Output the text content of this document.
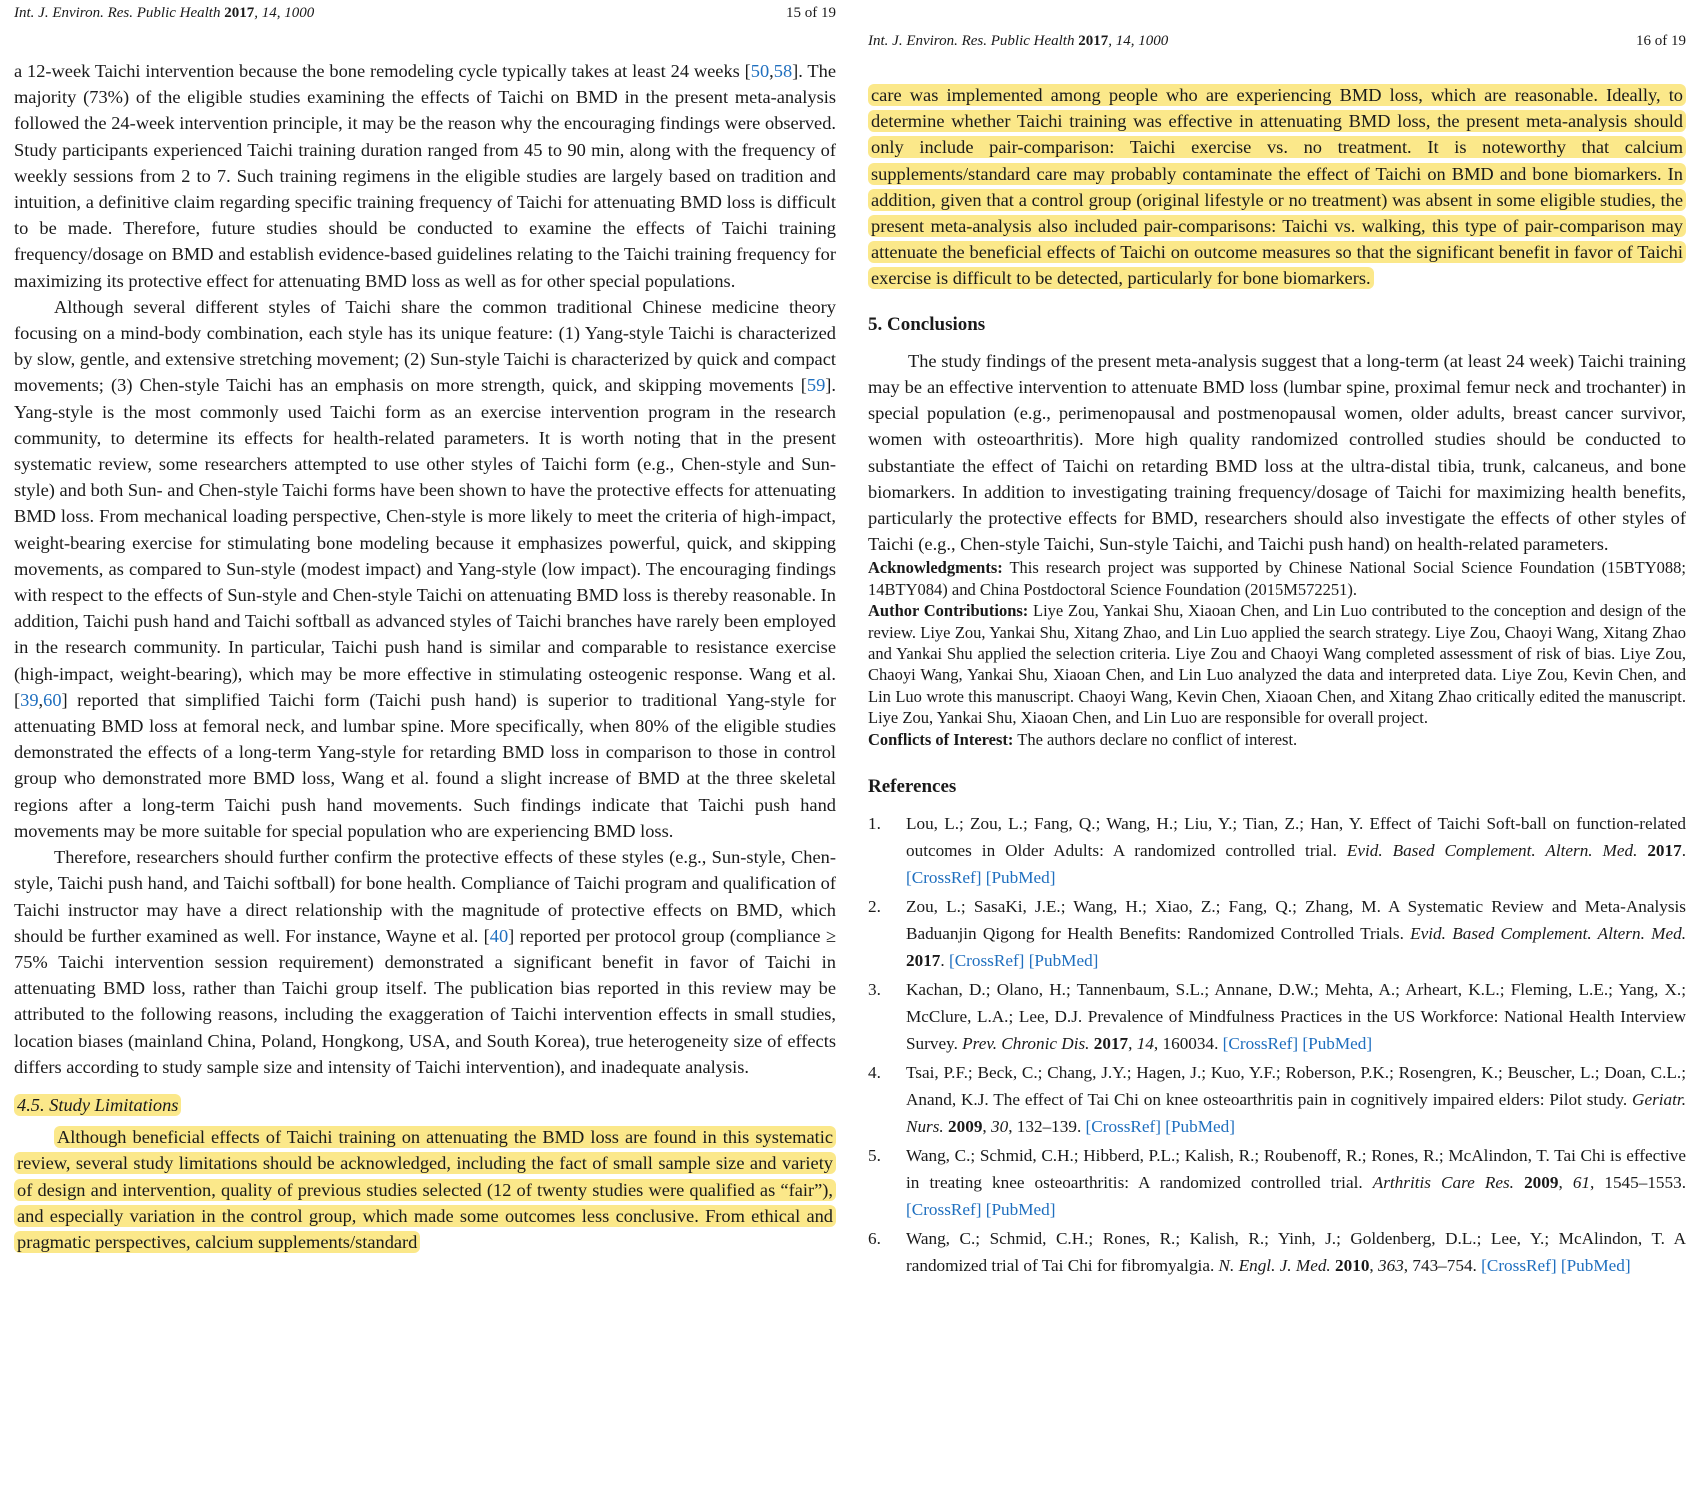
Int. J. Environ. Res. Public Health 2017, 14, 1000	15 of 19

a 12-week Taichi intervention because the bone remodeling cycle typically takes at least 24 weeks [50,58]. The majority (73%) of the eligible studies examining the effects of Taichi on BMD in the present meta-analysis followed the 24-week intervention principle, it may be the reason why the encouraging findings were observed. Study participants experienced Taichi training duration ranged from 45 to 90 min, along with the frequency of weekly sessions from 2 to 7. Such training regimens in the eligible studies are largely based on tradition and intuition, a definitive claim regarding specific training frequency of Taichi for attenuating BMD loss is difficult to be made. Therefore, future studies should be conducted to examine the effects of Taichi training frequency/dosage on BMD and establish evidence-based guidelines relating to the Taichi training frequency for maximizing its protective effect for attenuating BMD loss as well as for other special populations.

Although several different styles of Taichi share the common traditional Chinese medicine theory focusing on a mind-body combination, each style has its unique feature: (1) Yang-style Taichi is characterized by slow, gentle, and extensive stretching movement; (2) Sun-style Taichi is characterized by quick and compact movements; (3) Chen-style Taichi has an emphasis on more strength, quick, and skipping movements [59]. Yang-style is the most commonly used Taichi form as an exercise intervention program in the research community, to determine its effects for health-related parameters. It is worth noting that in the present systematic review, some researchers attempted to use other styles of Taichi form (e.g., Chen-style and Sun-style) and both Sun- and Chen-style Taichi forms have been shown to have the protective effects for attenuating BMD loss. From mechanical loading perspective, Chen-style is more likely to meet the criteria of high-impact, weight-bearing exercise for stimulating bone modeling because it emphasizes powerful, quick, and skipping movements, as compared to Sun-style (modest impact) and Yang-style (low impact). The encouraging findings with respect to the effects of Sun-style and Chen-style Taichi on attenuating BMD loss is thereby reasonable. In addition, Taichi push hand and Taichi softball as advanced styles of Taichi branches have rarely been employed in the research community. In particular, Taichi push hand is similar and comparable to resistance exercise (high-impact, weight-bearing), which may be more effective in stimulating osteogenic response. Wang et al. [39,60] reported that simplified Taichi form (Taichi push hand) is superior to traditional Yang-style for attenuating BMD loss at femoral neck, and lumbar spine. More specifically, when 80% of the eligible studies demonstrated the effects of a long-term Yang-style for retarding BMD loss in comparison to those in control group who demonstrated more BMD loss, Wang et al. found a slight increase of BMD at the three skeletal regions after a long-term Taichi push hand movements. Such findings indicate that Taichi push hand movements may be more suitable for special population who are experiencing BMD loss.

Therefore, researchers should further confirm the protective effects of these styles (e.g., Sun-style, Chen-style, Taichi push hand, and Taichi softball) for bone health. Compliance of Taichi program and qualification of Taichi instructor may have a direct relationship with the magnitude of protective effects on BMD, which should be further examined as well. For instance, Wayne et al. [40] reported per protocol group (compliance ≥ 75% Taichi intervention session requirement) demonstrated a significant benefit in favor of Taichi in attenuating BMD loss, rather than Taichi group itself. The publication bias reported in this review may be attributed to the following reasons, including the exaggeration of Taichi intervention effects in small studies, location biases (mainland China, Poland, Hongkong, USA, and South Korea), true heterogeneity size of effects differs according to study sample size and intensity of Taichi intervention), and inadequate analysis.

4.5. Study Limitations

Although beneficial effects of Taichi training on attenuating the BMD loss are found in this systematic review, several study limitations should be acknowledged, including the fact of small sample size and variety of design and intervention, quality of previous studies selected (12 of twenty studies were qualified as “fair”), and especially variation in the control group, which made some outcomes less conclusive. From ethical and pragmatic perspectives, calcium supplements/standard

Int. J. Environ. Res. Public Health 2017, 14, 1000	16 of 19

care was implemented among people who are experiencing BMD loss, which are reasonable. Ideally, to determine whether Taichi training was effective in attenuating BMD loss, the present meta-analysis should only include pair-comparison: Taichi exercise vs. no treatment. It is noteworthy that calcium supplements/standard care may probably contaminate the effect of Taichi on BMD and bone biomarkers. In addition, given that a control group (original lifestyle or no treatment) was absent in some eligible studies, the present meta-analysis also included pair-comparisons: Taichi vs. walking, this type of pair-comparison may attenuate the beneficial effects of Taichi on outcome measures so that the significant benefit in favor of Taichi exercise is difficult to be detected, particularly for bone biomarkers.

5. Conclusions

The study findings of the present meta-analysis suggest that a long-term (at least 24 week) Taichi training may be an effective intervention to attenuate BMD loss (lumbar spine, proximal femur neck and trochanter) in special population (e.g., perimenopausal and postmenopausal women, older adults, breast cancer survivor, women with osteoarthritis). More high quality randomized controlled studies should be conducted to substantiate the effect of Taichi on retarding BMD loss at the ultra-distal tibia, trunk, calcaneus, and bone biomarkers. In addition to investigating training frequency/dosage of Taichi for maximizing health benefits, particularly the protective effects for BMD, researchers should also investigate the effects of other styles of Taichi (e.g., Chen-style Taichi, Sun-style Taichi, and Taichi push hand) on health-related parameters.

Acknowledgments: This research project was supported by Chinese National Social Science Foundation (15BTY088; 14BTY084) and China Postdoctoral Science Foundation (2015M572251).

Author Contributions: Liye Zou, Yankai Shu, Xiaoan Chen, and Lin Luo contributed to the conception and design of the review. Liye Zou, Yankai Shu, Xitang Zhao, and Lin Luo applied the search strategy. Liye Zou, Chaoyi Wang, Xitang Zhao and Yankai Shu applied the selection criteria. Liye Zou and Chaoyi Wang completed assessment of risk of bias. Liye Zou, Chaoyi Wang, Yankai Shu, Xiaoan Chen, and Lin Luo analyzed the data and interpreted data. Liye Zou, Kevin Chen, and Lin Luo wrote this manuscript. Chaoyi Wang, Kevin Chen, Xiaoan Chen, and Xitang Zhao critically edited the manuscript. Liye Zou, Yankai Shu, Xiaoan Chen, and Lin Luo are responsible for overall project.

Conflicts of Interest: The authors declare no conflict of interest.

References
1.	Lou, L.; Zou, L.; Fang, Q.; Wang, H.; Liu, Y.; Tian, Z.; Han, Y. Effect of Taichi Soft-ball on function-related outcomes in Older Adults: A randomized controlled trial. Evid. Based Complement. Altern. Med. 2017. [CrossRef] [PubMed]
2.	Zou, L.; SasaKi, J.E.; Wang, H.; Xiao, Z.; Fang, Q.; Zhang, M. A Systematic Review and Meta-Analysis Baduanjin Qigong for Health Benefits: Randomized Controlled Trials. Evid. Based Complement. Altern. Med. 2017. [CrossRef] [PubMed]
3.	Kachan, D.; Olano, H.; Tannenbaum, S.L.; Annane, D.W.; Mehta, A.; Arheart, K.L.; Fleming, L.E.; Yang, X.; McClure, L.A.; Lee, D.J. Prevalence of Mindfulness Practices in the US Workforce: National Health Interview Survey. Prev. Chronic Dis. 2017, 14, 160034. [CrossRef] [PubMed]
4.	Tsai, P.F.; Beck, C.; Chang, J.Y.; Hagen, J.; Kuo, Y.F.; Roberson, P.K.; Rosengren, K.; Beuscher, L.; Doan, C.L.; Anand, K.J. The effect of Tai Chi on knee osteoarthritis pain in cognitively impaired elders: Pilot study. Geriatr. Nurs. 2009, 30, 132–139. [CrossRef] [PubMed]
5.	Wang, C.; Schmid, C.H.; Hibberd, P.L.; Kalish, R.; Roubenoff, R.; Rones, R.; McAlindon, T. Tai Chi is effective in treating knee osteoarthritis: A randomized controlled trial. Arthritis Care Res. 2009, 61, 1545–1553. [CrossRef] [PubMed]
6.	Wang, C.; Schmid, C.H.; Rones, R.; Kalish, R.; Yinh, J.; Goldenberg, D.L.; Lee, Y.; McAlindon, T. A randomized trial of Tai Chi for fibromyalgia. N. Engl. J. Med. 2010, 363, 743–754. [CrossRef] [PubMed]
